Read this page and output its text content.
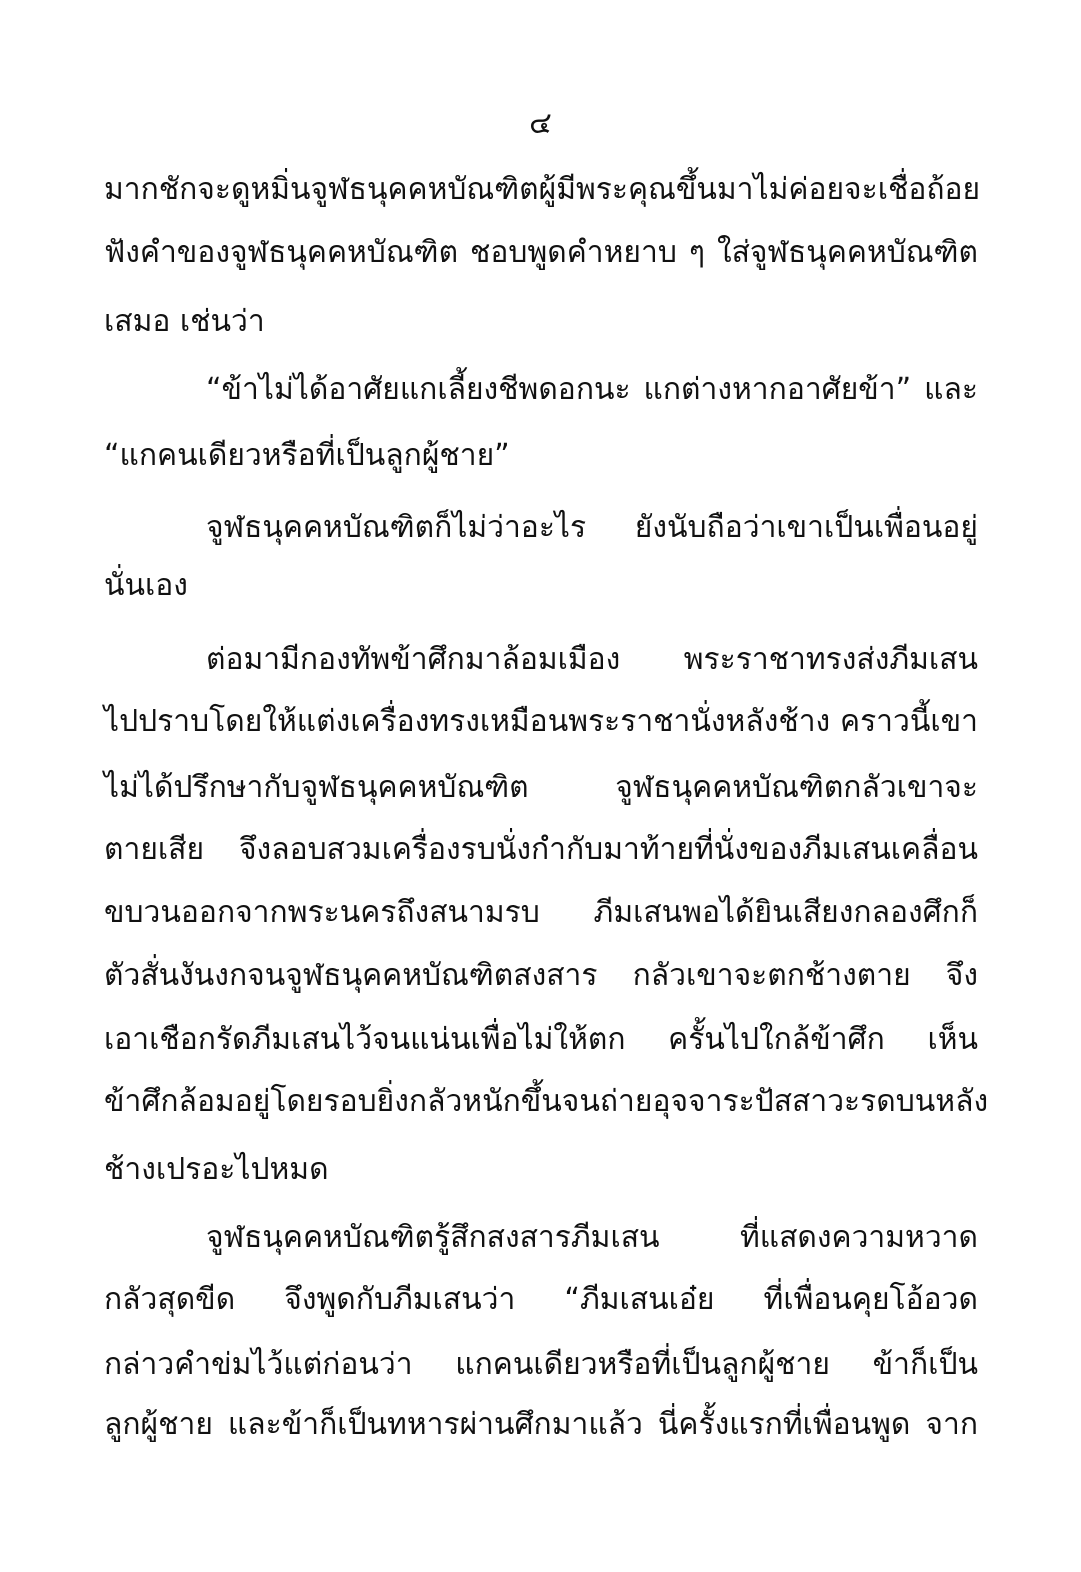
๔
มากชักจะดูหมิ่นจูฬธนุคคหบัณฑิตผู้มีพระคุณขึ้นมาไม่ค่อยจะเชื่อถ้อย
ฟังคำของจูฬธนุคคหบัณฑิต ชอบพูดคำหยาบ ๆ ใส่จูฬธนุคคหบัณฑิต
เสมอ เช่นว่า
“ข้าไม่ได้อาศัยแกเลี้ยงชีพดอกนะ แกต่างหากอาศัยข้า” และ
“แกคนเดียวหรือที่เป็นลูกผู้ชาย”
จูฬธนุคคหบัณฑิตก็ไม่ว่าอะไร ยังนับถือว่าเขาเป็นเพื่อนอยู่
นั่นเอง
ต่อมามีกองทัพข้าศึกมาล้อมเมือง พระราชาทรงส่งภีมเสน
ไปปราบโดยให้แต่งเครื่องทรงเหมือนพระราชานั่งหลังช้าง คราวนี้เขา
ไม่ได้ปรึกษากับจูฬธนุคคหบัณฑิต จูฬธนุคคหบัณฑิตกลัวเขาจะ
ตายเสีย จึงลอบสวมเครื่องรบนั่งกำกับมาท้ายที่นั่งของภีมเสนเคลื่อน
ขบวนออกจากพระนครถึงสนามรบ ภีมเสนพอได้ยินเสียงกลองศึกก็
ตัวสั่นงันงกจนจูฬธนุคคหบัณฑิตสงสาร กลัวเขาจะตกช้างตาย จึง
เอาเชือกรัดภีมเสนไว้จนแน่นเพื่อไม่ให้ตก ครั้นไปใกล้ข้าศึก เห็น
ข้าศึกล้อมอยู่โดยรอบยิ่งกลัวหนักขึ้นจนถ่ายอุจจาระปัสสาวะรดบนหลัง
ช้างเปรอะไปหมด
จูฬธนุคคหบัณฑิตรู้สึกสงสารภีมเสน ที่แสดงความหวาด
กลัวสุดขีด จึงพูดกับภีมเสนว่า “ภีมเสนเอ๋ย ที่เพื่อนคุยโอ้อวด
กล่าวคำข่มไว้แต่ก่อนว่า แกคนเดียวหรือที่เป็นลูกผู้ชาย ข้าก็เป็น
ลูกผู้ชาย และข้าก็เป็นทหารผ่านศึกมาแล้ว นี่ครั้งแรกที่เพื่อนพูด จาก
